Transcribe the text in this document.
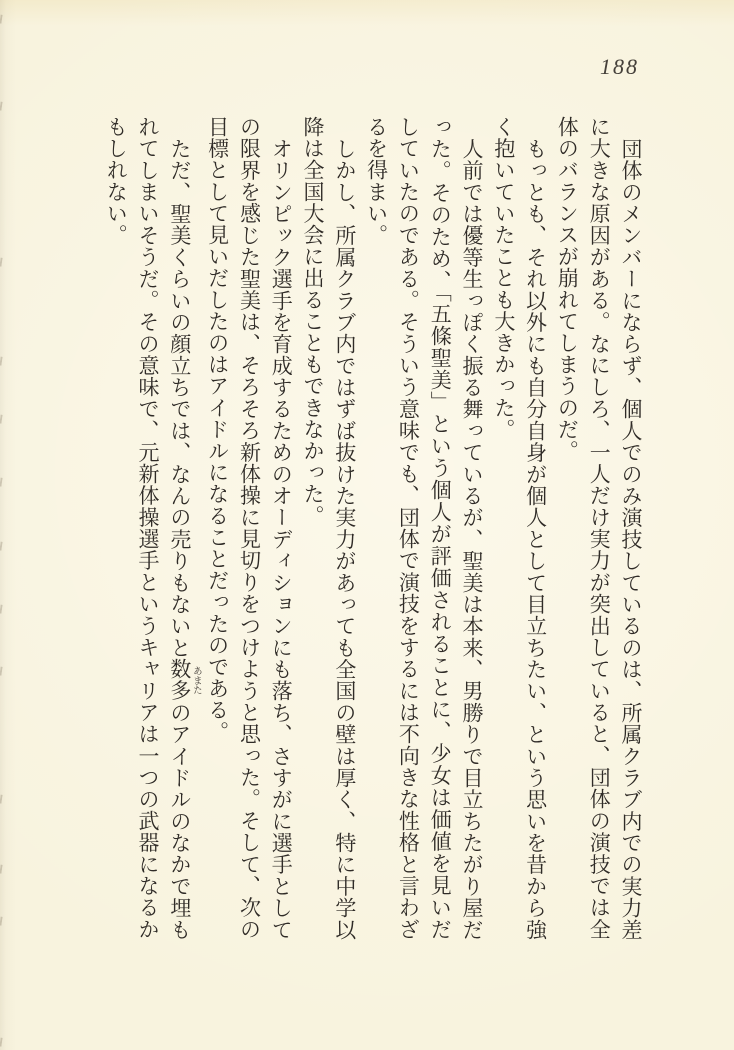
188

団体のメンバーにならず、個人でのみ演技しているのは、所属クラブ内での実力差に大きな原因がある。なにしろ、一人だけ実力が突出していると、団体の演技では全体のバランスが崩れてしまうのだ。

もっとも、それ以外にも自分自身が個人として目立ちたい、という思いを昔から強く抱いていたことも大きかった。

人前では優等生っぽく振る舞っているが、聖美は本来、男勝りで目立ちたがり屋だった。そのため、「五條聖美」という個人が評価されることに、少女は価値を見いだしていたのである。そういう意味でも、団体で演技をするには不向きな性格と言わざるを得まい。

しかし、所属クラブ内ではずば抜けた実力があっても全国の壁は厚く、特に中学以降は全国大会に出ることもできなかった。

オリンピック選手を育成するためのオーディションにも落ち、さすがに選手としての限界を感じた聖美は、そろそろ新体操に見切りをつけようと思った。そして、次の目標として見いだしたのはアイドルになることだったのである。

ただ、聖美くらいの顔立ちでは、なんの売りもないと数多 あまたのアイドルのなかで埋もれてしまいそうだ。その意味で、元新体操選手というキャリアは一つの武器になるかもしれない。
